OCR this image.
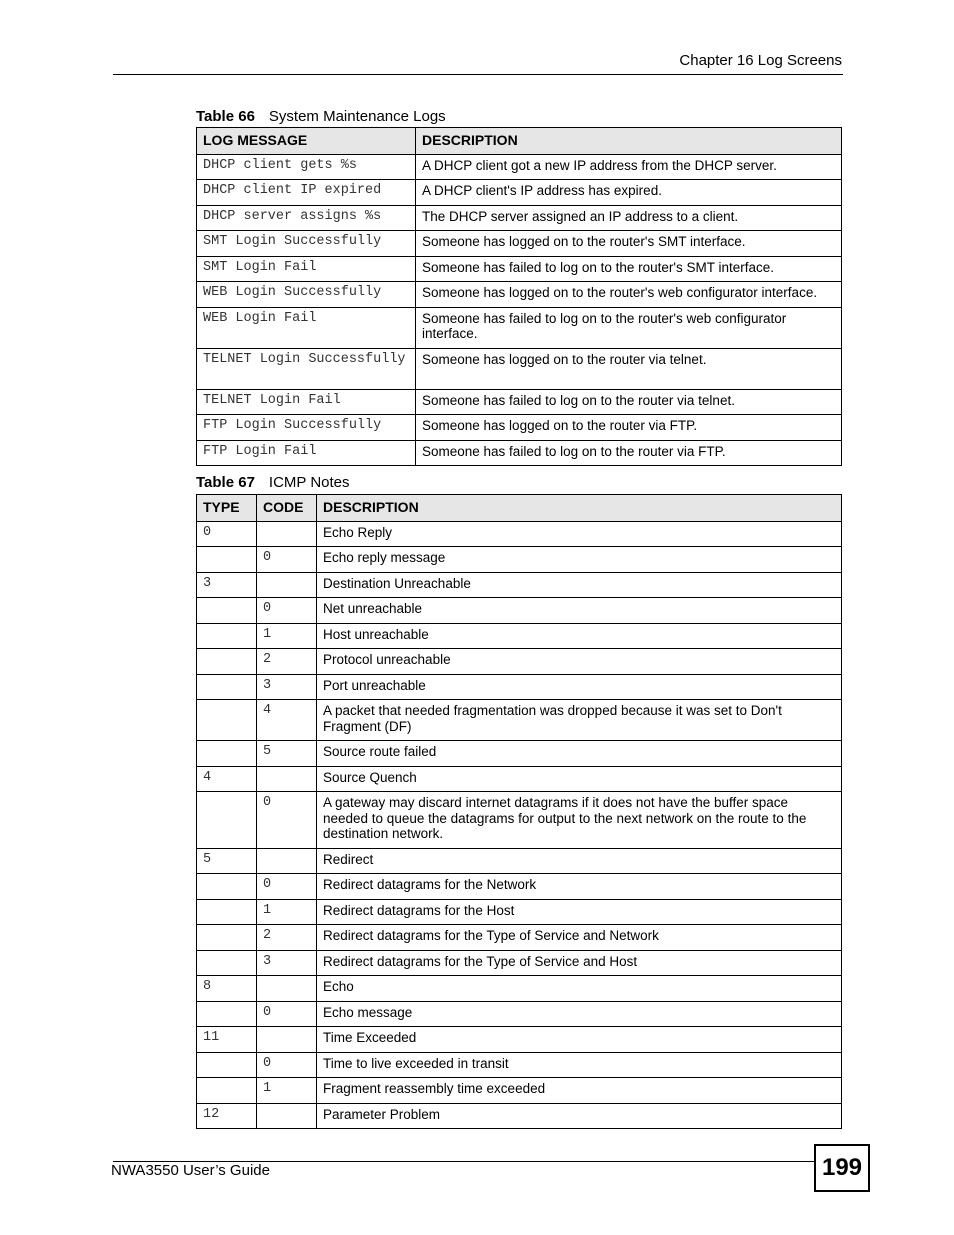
Chapter 16 Log Screens
Table 66 System Maintenance Logs
LOG MESSAGE	DESCRIPTION
DHCP client gets %s	A DHCP client got a new IP address from the DHCP server.
DHCP client IP expired	A DHCP client's IP address has expired.
DHCP server assigns %s	The DHCP server assigned an IP address to a client.
SMT Login Successfully	Someone has logged on to the router's SMT interface.
SMT Login Fail	Someone has failed to log on to the router's SMT interface.
WEB Login Successfully	Someone has logged on to the router's web configurator interface.
WEB Login Fail	Someone has failed to log on to the router's web configurator interface.
TELNET Login Successfully	Someone has logged on to the router via telnet.
TELNET Login Fail	Someone has failed to log on to the router via telnet.
FTP Login Successfully	Someone has logged on to the router via FTP.
FTP Login Fail	Someone has failed to log on to the router via FTP.
Table 67 ICMP Notes
TYPE	CODE	DESCRIPTION
0		Echo Reply
	0	Echo reply message
3		Destination Unreachable
	0	Net unreachable
	1	Host unreachable
	2	Protocol unreachable
	3	Port unreachable
	4	A packet that needed fragmentation was dropped because it was set to Don't Fragment (DF)
	5	Source route failed
4		Source Quench
	0	A gateway may discard internet datagrams if it does not have the buffer space needed to queue the datagrams for output to the next network on the route to the destination network.
5		Redirect
	0	Redirect datagrams for the Network
	1	Redirect datagrams for the Host
	2	Redirect datagrams for the Type of Service and Network
	3	Redirect datagrams for the Type of Service and Host
8		Echo
	0	Echo message
11		Time Exceeded
	0	Time to live exceeded in transit
	1	Fragment reassembly time exceeded
12		Parameter Problem
NWA3550 User’s Guide	199
